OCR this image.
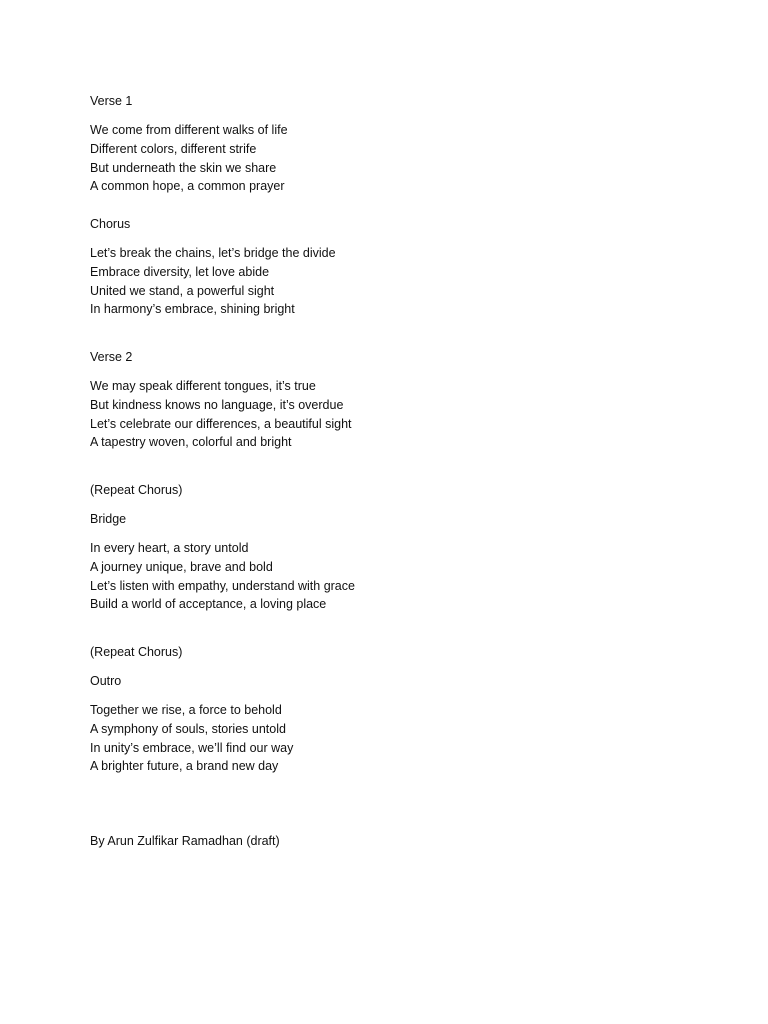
Verse 1
We come from different walks of life
Different colors, different strife
But underneath the skin we share
A common hope, a common prayer
Chorus
Let’s break the chains, let’s bridge the divide
Embrace diversity, let love abide
United we stand, a powerful sight
In harmony’s embrace, shining bright
Verse 2
We may speak different tongues, it’s true
But kindness knows no language, it’s overdue
Let’s celebrate our differences, a beautiful sight
A tapestry woven, colorful and bright
(Repeat Chorus)
Bridge
In every heart, a story untold
A journey unique, brave and bold
Let’s listen with empathy, understand with grace
Build a world of acceptance, a loving place
(Repeat Chorus)
Outro
Together we rise, a force to behold
A symphony of souls, stories untold
In unity’s embrace, we’ll find our way
A brighter future, a brand new day
By Arun Zulfikar Ramadhan (draft)
